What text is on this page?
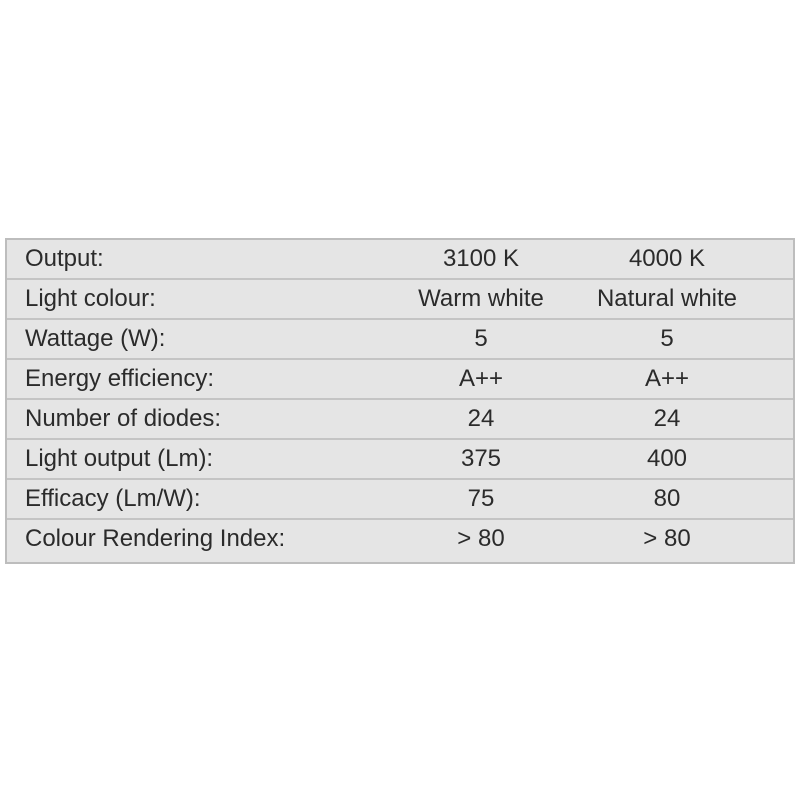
Output:	3100 K	4000 K
Light colour:	Warm white	Natural white
Wattage (W):	5	5
Energy efficiency:	A++	A++
Number of diodes:	24	24
Light output (Lm):	375	400
Efficacy (Lm/W):	75	80
Colour Rendering Index:	> 80	> 80
